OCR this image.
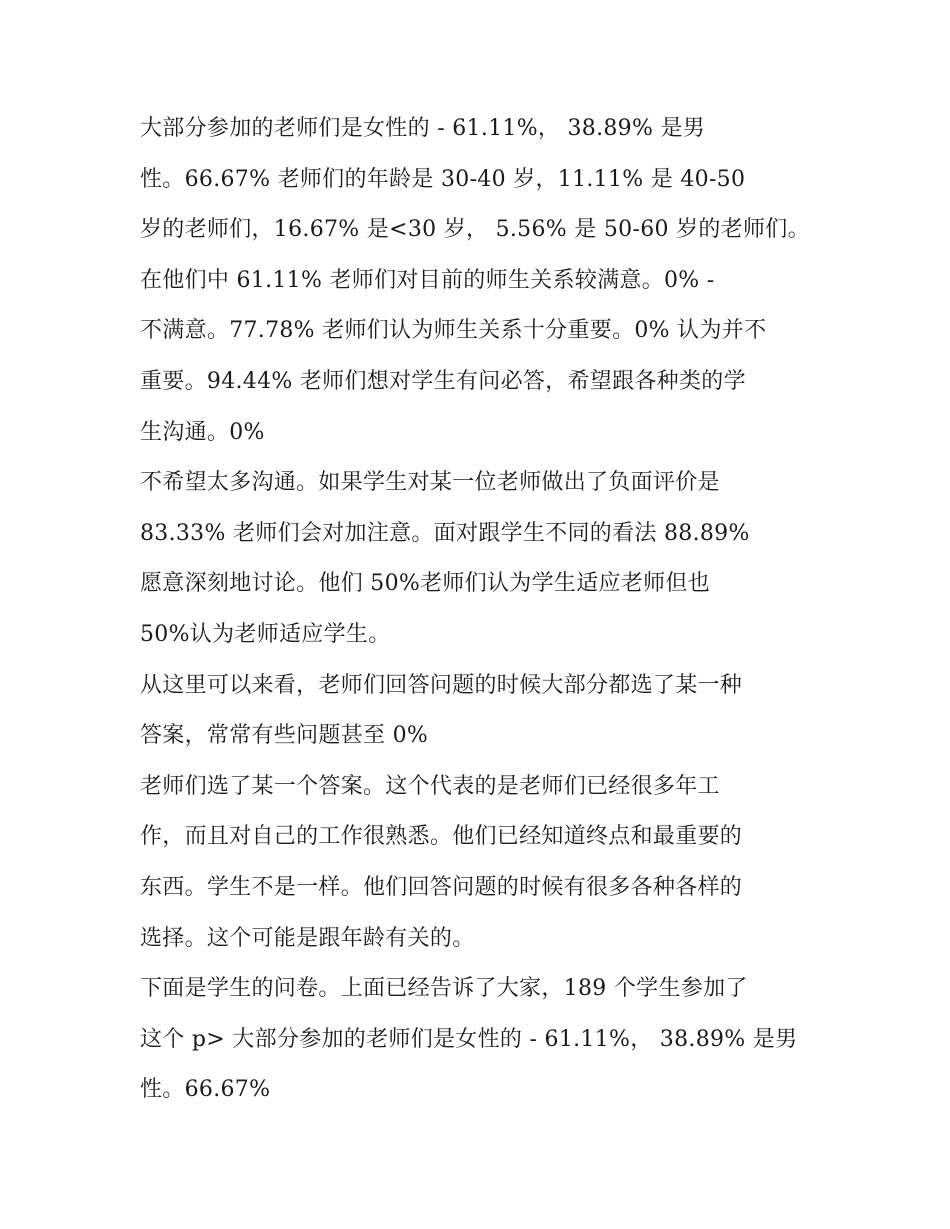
大部分参加的老师们是女性的 - 61.11%， 38.89% 是男
性。66.67% 老师们的年龄是 30-40 岁，11.11% 是 40-50
岁的老师们，16.67% 是<30 岁， 5.56% 是 50-60 岁的老师们。
在他们中 61.11% 老师们对目前的师生关系较满意。0% -
不满意。77.78% 老师们认为师生关系十分重要。0% 认为并不
重要。94.44% 老师们想对学生有问必答，希望跟各种类的学
生沟通。0%
不希望太多沟通。如果学生对某一位老师做出了负面评价是
83.33% 老师们会对加注意。面对跟学生不同的看法 88.89%
愿意深刻地讨论。他们 50%老师们认为学生适应老师但也
50%认为老师适应学生。
从这里可以来看，老师们回答问题的时候大部分都选了某一种
答案，常常有些问题甚至 0%
老师们选了某一个答案。这个代表的是老师们已经很多年工
作，而且对自己的工作很熟悉。他们已经知道终点和最重要的
东西。学生不是一样。他们回答问题的时候有很多各种各样的
选择。这个可能是跟年龄有关的。
下面是学生的问卷。上面已经告诉了大家，189 个学生参加了
这个 p> 大部分参加的老师们是女性的 - 61.11%， 38.89% 是男
性。66.67%
